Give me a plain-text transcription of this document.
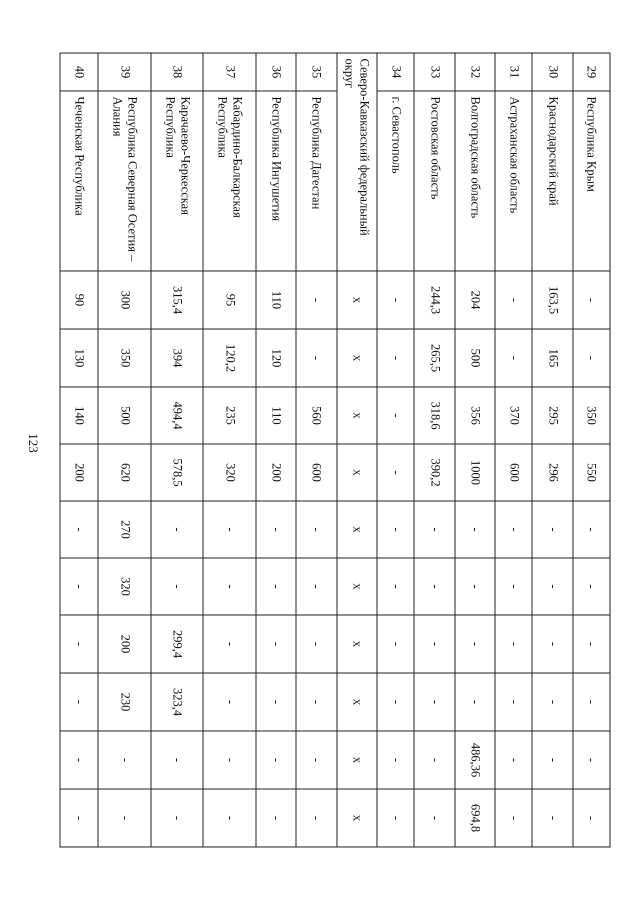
123
29	Республика Крым	-	-	350	550	-	-	-	-	-	-
30	Краснодарский край	163,5	165	295	296	-	-	-	-	-	-
31	Астраханская область	-	-	370	600	-	-	-	-	-	-
32	Волгоградская область	204	500	356	1000	-	-	-	-	486,36	694,8
33	Ростовская область	244,3	265,5	318,6	390,2	-	-	-	-	-	-
34	г. Севастополь	-	-	-	-	-	-	-	-	-	-
Северо-Кавказский федеральный округ		х	х	х	х	х	х	х	х	х	х
35	Республика Дагестан	-	-	560	600	-	-	-	-	-	-
36	Республика Ингушетия	110	120	110	200	-	-	-	-	-	-
37	Кабардино-Балкарская Республика	95	120,2	235	320	-	-	-	-	-	-
38	Карачаево-Черкесская Республика	315,4	394	494,4	578,5	-	-	299,4	323,4	-	-
39	Республика Северная Осетия – Алания	300	350	500	620	270	320	200	230	-	-
40	Чеченская Республика	90	130	140	200	-	-	-	-	-	-
